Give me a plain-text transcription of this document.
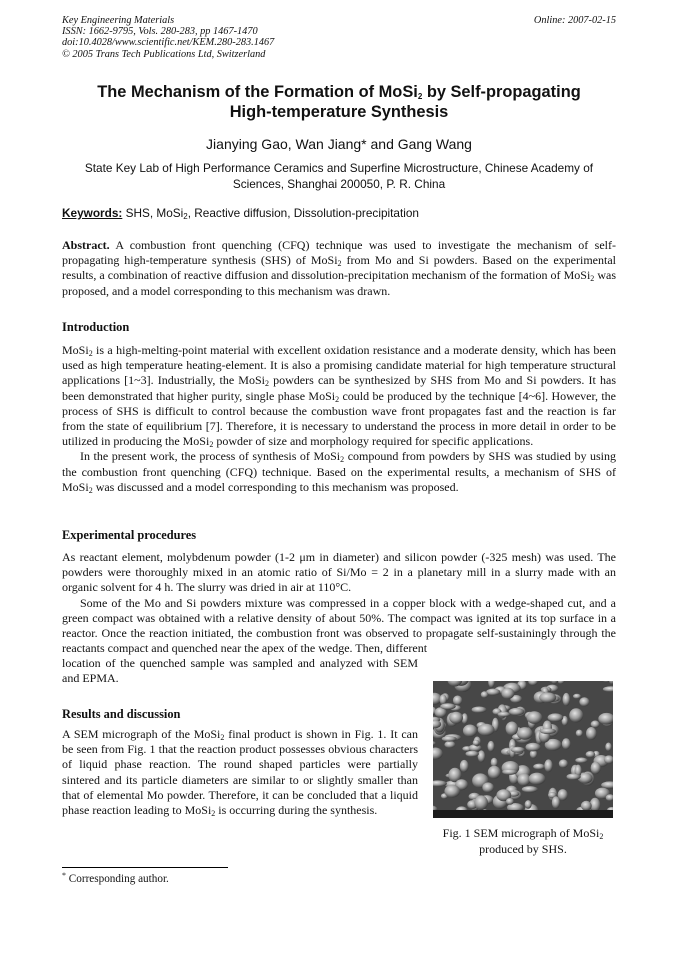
Key Engineering Materials
ISSN: 1662-9795, Vols. 280-283, pp 1467-1470
doi:10.4028/www.scientific.net/KEM.280-283.1467
© 2005 Trans Tech Publications Ltd, Switzerland
Online: 2007-02-15
The Mechanism of the Formation of MoSi$_2$ by Self-propagating
High-temperature Synthesis
Jianying Gao, Wan Jiang* and Gang Wang
State Key Lab of High Performance Ceramics and Superfine Microstructure, Chinese Academy of
Sciences, Shanghai 200050, P. R. China
Keywords: SHS, MoSi$_2$, Reactive diffusion, Dissolution-precipitation

Abstract. A combustion front quenching (CFQ) technique was used to investigate the mechanism of self-propagating high-temperature synthesis (SHS) of MoSi$_2$ from Mo and Si powders. Based on the experimental results, a combination of reactive diffusion and dissolution-precipitation mechanism of the formation of MoSi$_2$ was proposed, and a model corresponding to this mechanism was drawn.

Introduction

MoSi$_2$ is a high-melting-point material with excellent oxidation resistance and a moderate density, which has been used as high temperature heating-element. It is also a promising candidate material for high temperature structural applications [1~3]. Industrially, the MoSi$_2$ powders can be synthesized by SHS from Mo and Si powders. It has been demonstrated that higher purity, single phase MoSi$_2$ could be produced by the technique [4~6]. However, the process of SHS is difficult to control because the combustion wave front propagates fast and the reaction is far from the state of equilibrium [7]. Therefore, it is necessary to understand the process in more detail in order to be utilized in producing the MoSi$_2$ powder of size and morphology required for specific applications.

In the present work, the process of synthesis of MoSi$_2$ compound from powders by SHS was studied by using the combustion front quenching (CFQ) technique. Based on the experimental results, a mechanism of SHS of MoSi$_2$ was discussed and a model corresponding to this mechanism was proposed.

Experimental procedures

As reactant element, molybdenum powder (1-2 μm in diameter) and silicon powder (-325 mesh) was used. The powders were thoroughly mixed in an atomic ratio of Si/Mo = 2 in a planetary mill in a slurry made with an organic solvent for 4 h. The slurry was dried in air at 110°C.

Some of the Mo and Si powders mixture was compressed in a copper block with a wedge-shaped cut, and a green compact was obtained with a relative density of about 50%. The compact was ignited at its top surface in a reactor. Once the reaction initiated, the combustion front was observed to propagate self-sustainingly through the reactants compact and quenched near the apex of the wedge. Then, different

location of the quenched sample was sampled and analyzed with SEM and EPMA.

Results and discussion

A SEM micrograph of the MoSi$_2$ final product is shown in Fig. 1. It can be seen from Fig. 1 that the reaction product possesses obvious characters of liquid phase reaction. The round shaped particles were partially sintered and its particle diameters are similar to or slightly smaller than that of elemental Mo powder. Therefore, it can be concluded that a liquid phase reaction leading to MoSi$_2$ is occurring during the synthesis.

Fig. 1 SEM micrograph of MoSi$_2$
produced by SHS.
* Corresponding author.
